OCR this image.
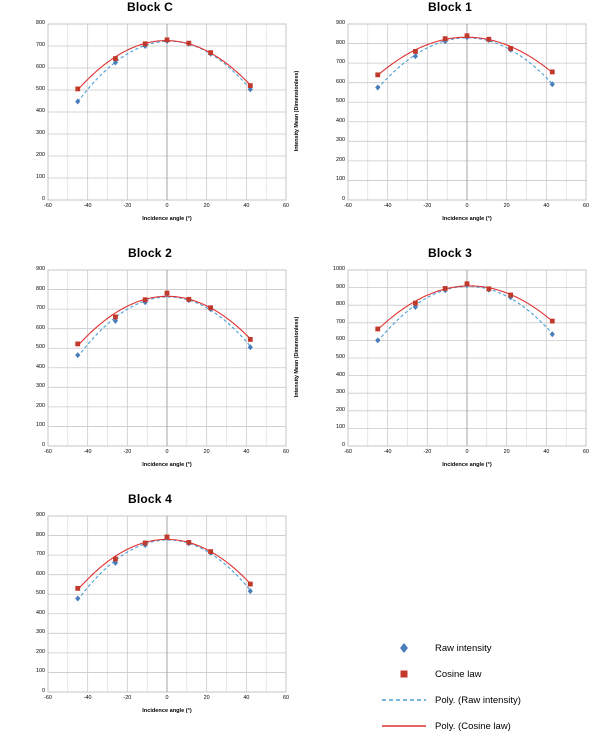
Block C
-60	-40	-20	0	20	40	60
100
200
300
400
500
600
700
800
0
Incidence angle (°)
Block 1
-60	-40	-20	0	20	40	60
100
200
300
400
500
600
700
800
900
0
Incidence angle (°)
Intensity Mean (Dimensionless)
Block 2
-60	-40	-20	0	20	40	60
100
200
300
400
500
600
700
800
900
0
Incidence angle (°)
Block 3
-60	-40	-20	0	20	40	60
100
200
300
400
500
600
700
800
900
1000
0
Incidence angle (°)
Intensity Mean (Dimensionless)
Block 4
-60	-40	-20	0	20	40	60
100
200
300
400
500
600
700
800
900
0
Incidence angle (°)
Raw intensity
Cosine law
Poly. (Raw intensity)
Poly. (Cosine law)
